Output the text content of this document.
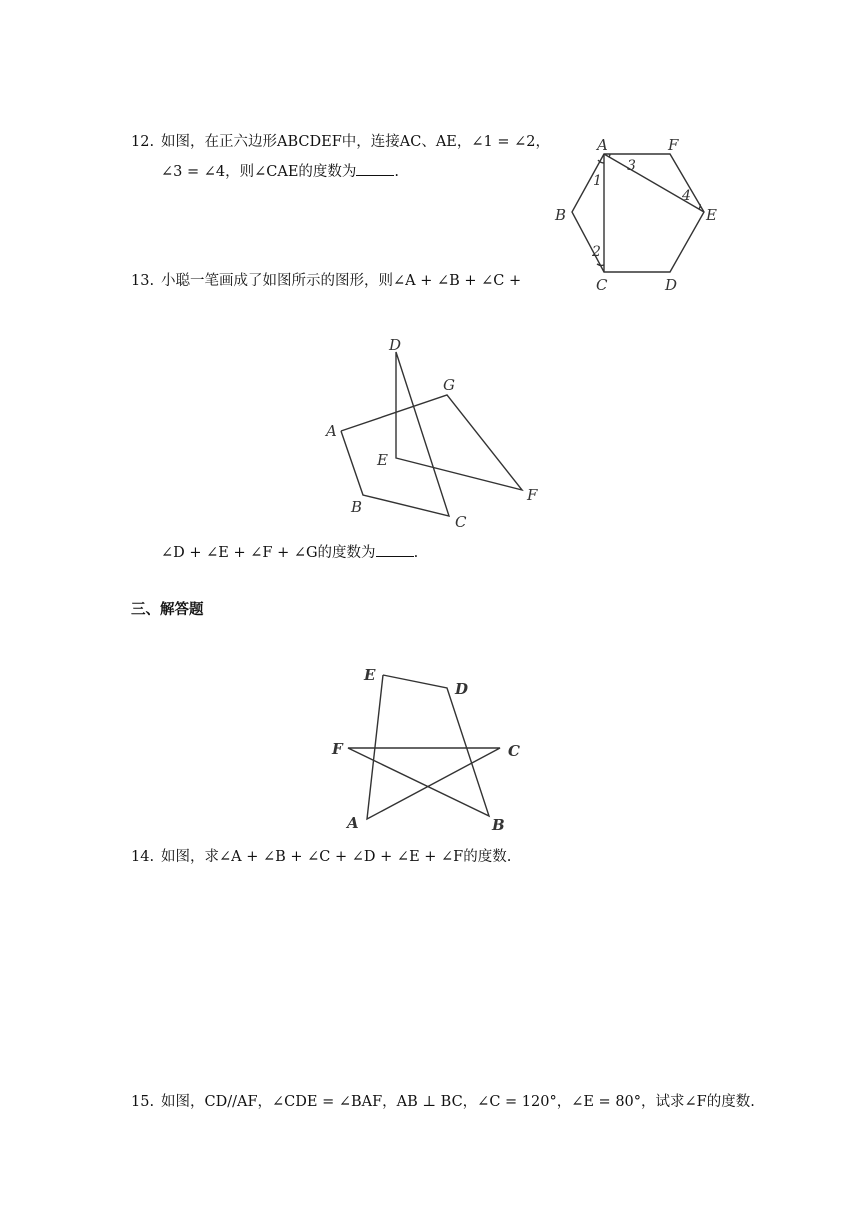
12. 如图，在正六边形ABCDEF中，连接AC、AE，∠1 = ∠2，
∠3 = ∠4，则∠CAE的度数为	.
A	F
E
B
C	D
1
2
3
4
13. 小聪一笔画成了如图所示的图形，则∠A + ∠B + ∠C +
D
G
A
E
F
B
C
∠D + ∠E + ∠F + ∠G的度数为	.
三、解答题
E
D
F	C
A	B
14. 如图，求∠A + ∠B + ∠C + ∠D + ∠E + ∠F的度数.
15. 如图，CD//AF，∠CDE = ∠BAF，AB ⊥ BC，∠C = 120°，∠E = 80°，试求∠F的度数.
